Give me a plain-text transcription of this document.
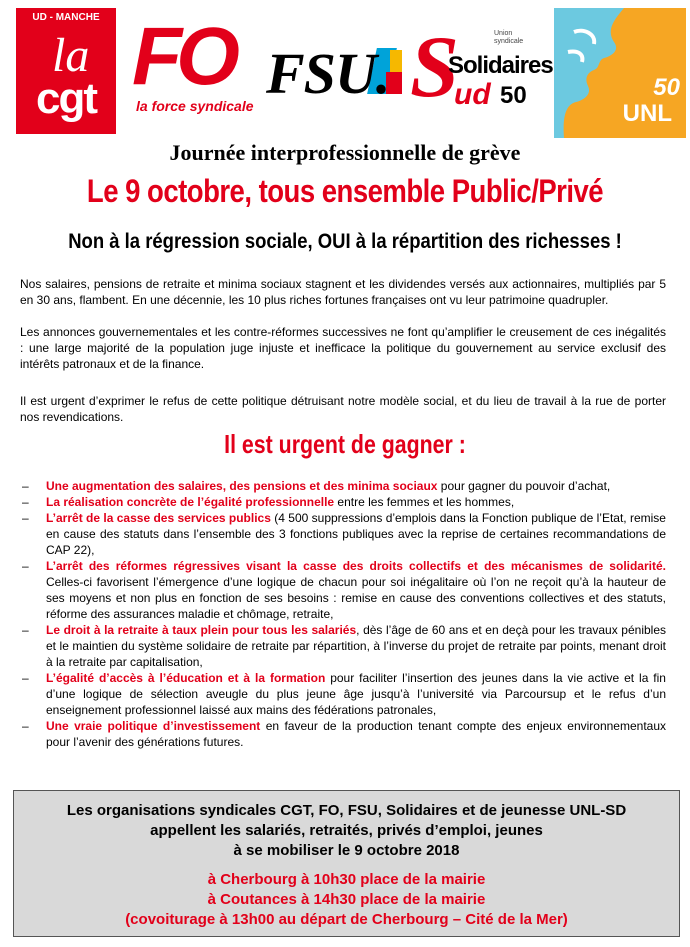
UD - MANCHE
la
cgt FO
la force syndicale FSU. S	Union syndicale
Solidaires
ud 50	50
UNL
Journée interprofessionnelle de grève
Le 9 octobre, tous ensemble Public/Privé
Non à la régression sociale, OUI à la répartition des richesses !
Nos salaires, pensions de retraite et minima sociaux stagnent et les dividendes versés aux actionnaires, multipliés par 5 en 30 ans, flambent. En une décennie, les 10 plus riches fortunes françaises ont vu leur patrimoine quadrupler.
Les annonces gouvernementales et les contre-réformes successives ne font qu’amplifier le creusement de ces inégalités : une large majorité de la population juge injuste et inefficace la politique du gouvernement au service exclusif des intérêts patronaux et de la finance.
Il est urgent d’exprimer le refus de cette politique détruisant notre modèle social, et du lieu de travail à la rue de porter nos revendications.
Il est urgent de gagner :
– Une augmentation des salaires, des pensions et des minima sociaux pour gagner du pouvoir d’achat,
– La réalisation concrète de l’égalité professionnelle entre les femmes et les hommes,
– L’arrêt de la casse des services publics (4 500 suppressions d’emplois dans la Fonction publique de l’Etat, remise en cause des statuts dans l’ensemble des 3 fonctions publiques avec la reprise de certaines recommandations de CAP 22),
– L’arrêt des réformes régressives visant la casse des droits collectifs et des mécanismes de solidarité. Celles-ci favorisent l’émergence d’une logique de chacun pour soi inégalitaire où l’on ne reçoit qu’à la hauteur de ses moyens et non plus en fonction de ses besoins : remise en cause des conventions collectives et des statuts, réforme des assurances maladie et chômage, retraite,
– Le droit à la retraite à taux plein pour tous les salariés, dès l’âge de 60 ans et en deçà pour les travaux pénibles et le maintien du système solidaire de retraite par répartition, à l’inverse du projet de retraite par points, menant droit à la retraite par capitalisation,
– L’égalité d’accès à l’éducation et à la formation pour faciliter l’insertion des jeunes dans la vie active et la fin d’une logique de sélection aveugle du plus jeune âge jusqu’à l’université via Parcoursup et le refus d’un enseignement professionnel laissé aux mains des fédérations patronales,
– Une vraie politique d’investissement en faveur de la production tenant compte des enjeux environnementaux pour l’avenir des générations futures.
Les organisations syndicales CGT, FO, FSU, Solidaires et de jeunesse UNL-SD
appellent les salariés, retraités, privés d’emploi, jeunes
à se mobiliser le 9 octobre 2018
à Cherbourg à 10h30 place de la mairie
à Coutances à 14h30 place de la mairie
(covoiturage à 13h00 au départ de Cherbourg – Cité de la Mer)
